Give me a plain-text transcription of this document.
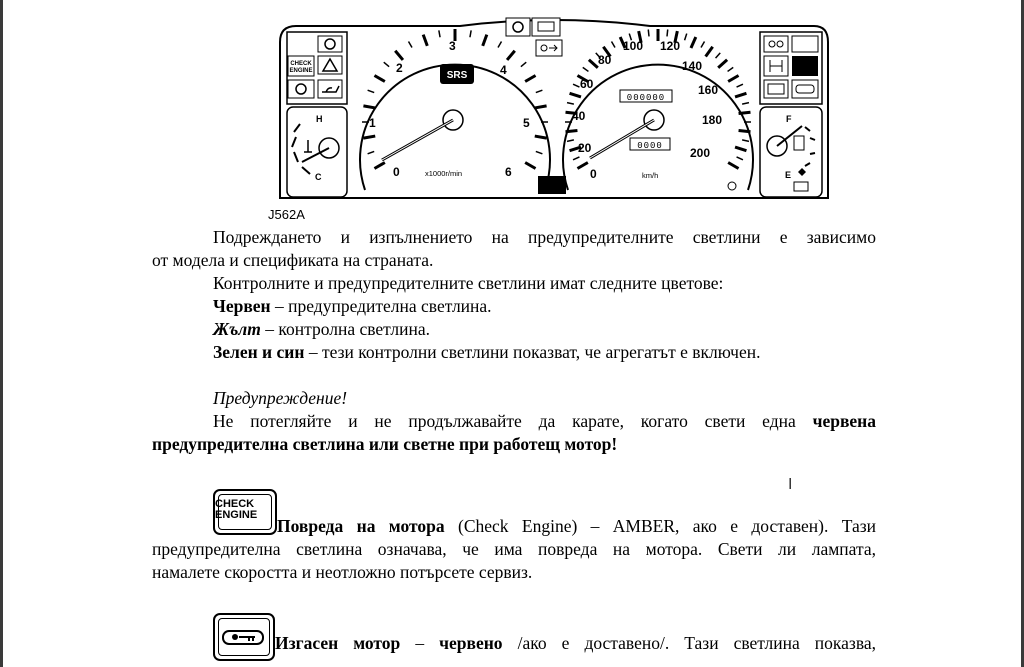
CHECK
ENGINE
H
C	0
1
2
3
4
5
6
SRS
x1000r/min	0
20
40
60
80
100 120
140
160
180
200
000000
0000
km/h
F
E
J562A
Подреждането и изпълнението на предупредителните светлини е зависимо
от модела и спецификата на страната.
Контролните и предупредителните светлини имат следните цветове:
Червен – предупредителна светлина.
Жълт – контролна светлина.
Зелен и син – тези контролни светлини показват, че агрегатът е включен.
Предупреждение!
Не потегляйте и не продължавайте да карате, когато свети една червена
предупредителна светлина или светне при работещ мотор!
CHECK
ENGINE
Повреда на мотора (Check Engine) – AMBER, ако е доставен). Тази
предупредителна светлина означава, че има повреда на мотора. Свети ли лампата,
намалете скоростта и неотложно потърсете сервиз.
Изгасен мотор – червено /ако е доставено/. Тази светлина показва,
I
